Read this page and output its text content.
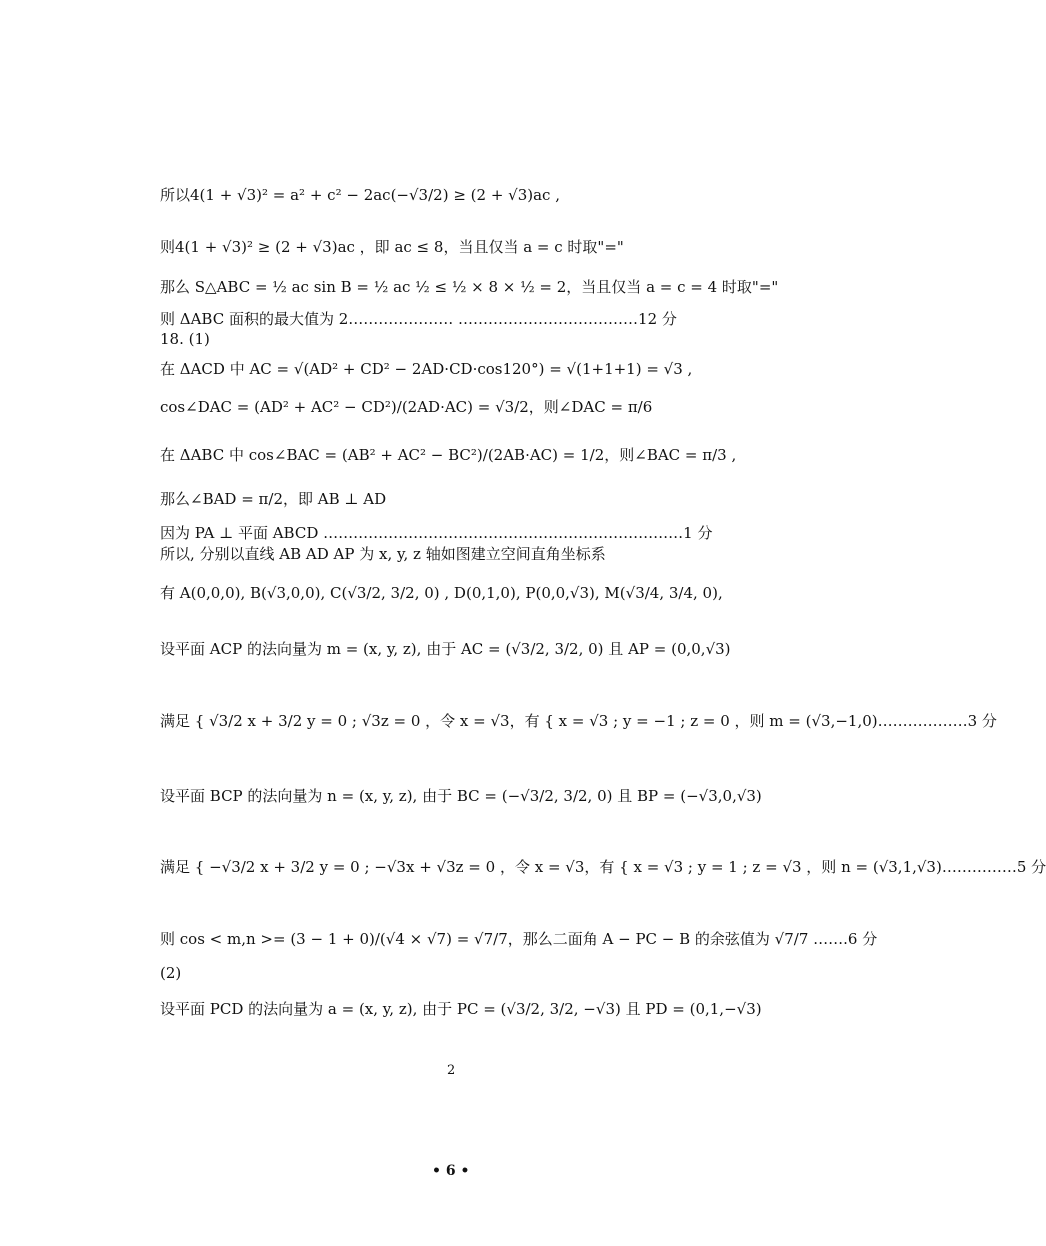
所以4(1 + √3)² = a² + c² − 2ac(−√3/2) ≥ (2 + √3)ac ,
则4(1 + √3)² ≥ (2 + √3)ac ，即 ac ≤ 8，当且仅当 a = c 时取"="
那么 S△ABC = ½ ac sin B = ½ ac ½ ≤ ½ × 8 × ½ = 2，当且仅当 a = c = 4 时取"="
则 ΔABC 面积的最大值为 2………………… ………………………………12 分
18. (1)
在 ΔACD 中 AC = √(AD² + CD² − 2AD·CD·cos120°) = √(1+1+1) = √3 ,
cos∠DAC = (AD² + AC² − CD²)/(2AD·AC) = √3/2，则∠DAC = π/6
在 ΔABC 中 cos∠BAC = (AB² + AC² − BC²)/(2AB·AC) = 1/2，则∠BAC = π/3 ,
那么∠BAD = π/2，即 AB ⊥ AD
因为 PA ⊥ 平面 ABCD ………………………………………………………………1 分
所以, 分别以直线 AB AD AP 为 x, y, z 轴如图建立空间直角坐标系
有 A(0,0,0), B(√3,0,0), C(√3/2, 3/2, 0) , D(0,1,0), P(0,0,√3), M(√3/4, 3/4, 0),
设平面 ACP 的法向量为 m = (x, y, z), 由于 AC = (√3/2, 3/2, 0) 且 AP = (0,0,√3)
满足 { √3/2 x + 3/2 y = 0 ; √3z = 0 ，令 x = √3，有 { x = √3 ; y = −1 ; z = 0 ，则 m = (√3,−1,0)………………3 分
设平面 BCP 的法向量为 n = (x, y, z), 由于 BC = (−√3/2, 3/2, 0) 且 BP = (−√3,0,√3)
满足 { −√3/2 x + 3/2 y = 0 ; −√3x + √3z = 0 ，令 x = √3，有 { x = √3 ; y = 1 ; z = √3 ，则 n = (√3,1,√3)……………5 分
则 cos < m,n >= (3 − 1 + 0)/(√4 × √7) = √7/7，那么二面角 A − PC − B 的余弦值为 √7/7 …….6 分
(2)
设平面 PCD 的法向量为 a = (x, y, z), 由于 PC = (√3/2, 3/2, −√3) 且 PD = (0,1,−√3)
2
• 6 •
